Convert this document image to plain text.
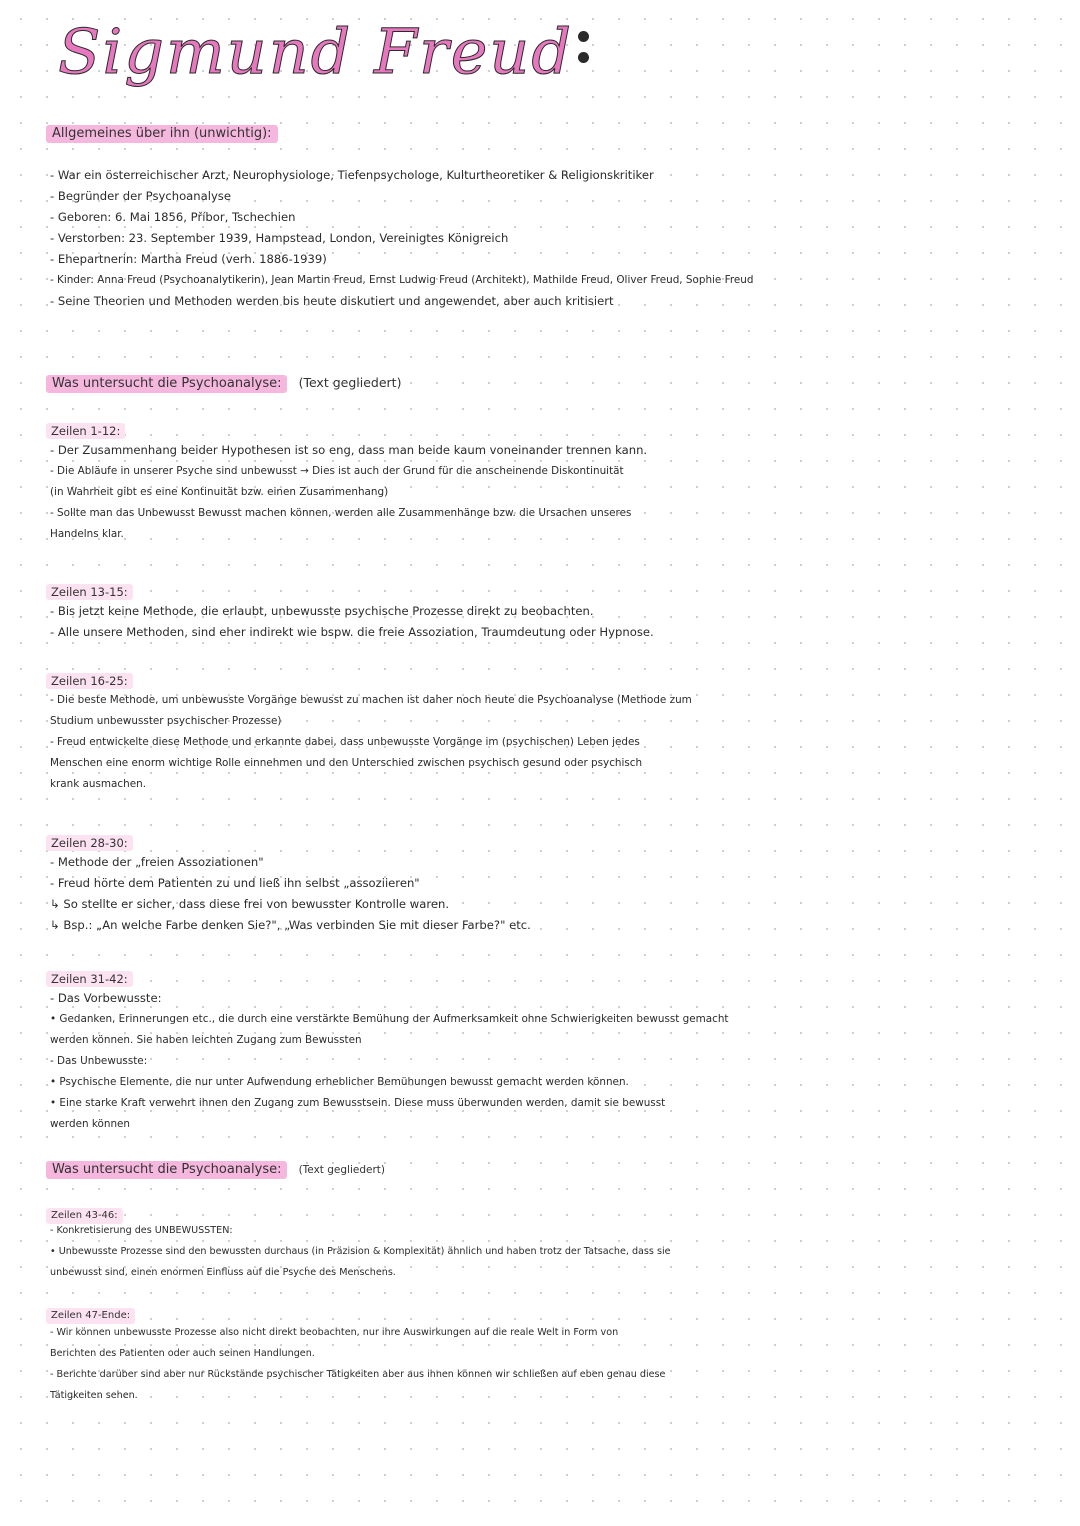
Sigmund Freud
Allgemeines über ihn (unwichtig):
- War ein österreichischer Arzt, Neurophysiologe, Tiefenpsychologe, Kulturtheoretiker & Religionskritiker
- Begründer der Psychoanalyse
- Geboren: 6. Mai 1856, Příbor, Tschechien
- Verstorben: 23. September 1939, Hampstead, London, Vereinigtes Königreich
- Ehepartnerin: Martha Freud (verh. 1886-1939)
- Kinder: Anna Freud (Psychoanalytikerin), Jean Martin Freud, Ernst Ludwig Freud (Architekt), Mathilde Freud, Oliver Freud, Sophie Freud
- Seine Theorien und Methoden werden bis heute diskutiert und angewendet, aber auch kritisiert
Was untersucht die Psychoanalyse: (Text gegliedert)
Zeilen 1-12:
- Der Zusammenhang beider Hypothesen ist so eng, dass man beide kaum voneinander trennen kann.
- Die Abläufe in unserer Psyche sind unbewusst → Dies ist auch der Grund für die anscheinende Diskontinuität
(in Wahrheit gibt es eine Kontinuität bzw. einen Zusammenhang)
- Sollte man das Unbewusst Bewusst machen können, werden alle Zusammenhänge bzw. die Ursachen unseres
Handelns klar.
Zeilen 13-15:
- Bis jetzt keine Methode, die erlaubt, unbewusste psychische Prozesse direkt zu beobachten.
- Alle unsere Methoden, sind eher indirekt wie bspw. die freie Assoziation, Traumdeutung oder Hypnose.
Zeilen 16-25:
- Die beste Methode, um unbewusste Vorgänge bewusst zu machen ist daher noch heute die Psychoanalyse (Methode zum
Studium unbewusster psychischer Prozesse)
- Freud entwickelte diese Methode und erkannte dabei, dass unbewusste Vorgänge im (psychischen) Leben jedes
Menschen eine enorm wichtige Rolle einnehmen und den Unterschied zwischen psychisch gesund oder psychisch
krank ausmachen.
Zeilen 28-30:
- Methode der „freien Assoziationen"
- Freud hörte dem Patienten zu und ließ ihn selbst „assoziieren"
↳ So stellte er sicher, dass diese frei von bewusster Kontrolle waren.
↳ Bsp.: „An welche Farbe denken Sie?", „Was verbinden Sie mit dieser Farbe?" etc.
Zeilen 31-42:
- Das Vorbewusste:
• Gedanken, Erinnerungen etc., die durch eine verstärkte Bemühung der Aufmerksamkeit ohne Schwierigkeiten bewusst gemacht
werden können. Sie haben leichten Zugang zum Bewussten
- Das Unbewusste:
• Psychische Elemente, die nur unter Aufwendung erheblicher Bemühungen bewusst gemacht werden können.
• Eine starke Kraft verwehrt ihnen den Zugang zum Bewusstsein. Diese muss überwunden werden, damit sie bewusst
werden können
Was untersucht die Psychoanalyse: (Text gegliedert)
Zeilen 43-46:
- Konkretisierung des UNBEWUSSTEN:
• Unbewusste Prozesse sind den bewussten durchaus (in Präzision & Komplexität) ähnlich und haben trotz der Tatsache, dass sie
unbewusst sind, einen enormen Einfluss auf die Psyche des Menschens.
Zeilen 47-Ende:
- Wir können unbewusste Prozesse also nicht direkt beobachten, nur ihre Auswirkungen auf die reale Welt in Form von
Berichten des Patienten oder auch seinen Handlungen.
- Berichte darüber sind aber nur Rückstände psychischer Tätigkeiten aber aus ihnen können wir schließen auf eben genau diese
Tätigkeiten sehen.
